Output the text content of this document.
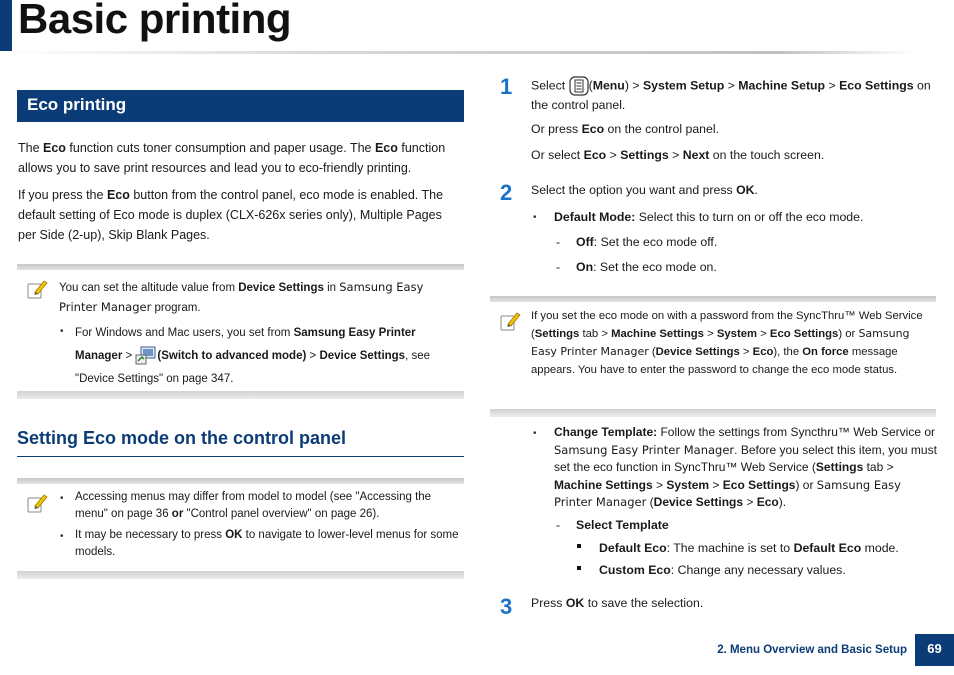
Basic printing
Eco printing
The Eco function cuts toner consumption and paper usage. The Eco function allows you to save print resources and lead you to eco-friendly printing.
If you press the Eco button from the control panel, eco mode is enabled. The default setting of Eco mode is duplex (CLX-626x series only), Multiple Pages per Side (2-up), Skip Blank Pages.
You can set the altitude value from Device Settings in Samsung Easy Printer Manager program.
• For Windows and Mac users, you set from Samsung Easy Printer Manager > (Switch to advanced mode) > Device Settings, see "Device Settings" on page 347.
Setting Eco mode on the control panel
• Accessing menus may differ from model to model (see "Accessing the menu" on page 36 or "Control panel overview" on page 26).
• It may be necessary to press OK to navigate to lower-level menus for some models.
1 Select (Menu) > System Setup > Machine Setup > Eco Settings on the control panel.
Or press Eco on the control panel.
Or select Eco > Settings > Next on the touch screen.
2 Select the option you want and press OK.
• Default Mode: Select this to turn on or off the eco mode.
- Off: Set the eco mode off.
- On: Set the eco mode on.
If you set the eco mode on with a password from the SyncThru™ Web Service (Settings tab > Machine Settings > System > Eco Settings) or Samsung Easy Printer Manager (Device Settings > Eco), the On force message appears. You have to enter the password to change the eco mode status.
• Change Template: Follow the settings from Syncthru™ Web Service or Samsung Easy Printer Manager. Before you select this item, you must set the eco function in SyncThru™ Web Service (Settings tab > Machine Settings > System > Eco Settings) or Samsung Easy Printer Manager (Device Settings > Eco).
- Select Template
Default Eco: The machine is set to Default Eco mode.
Custom Eco: Change any necessary values.
3 Press OK to save the selection.
2. Menu Overview and Basic Setup	69
